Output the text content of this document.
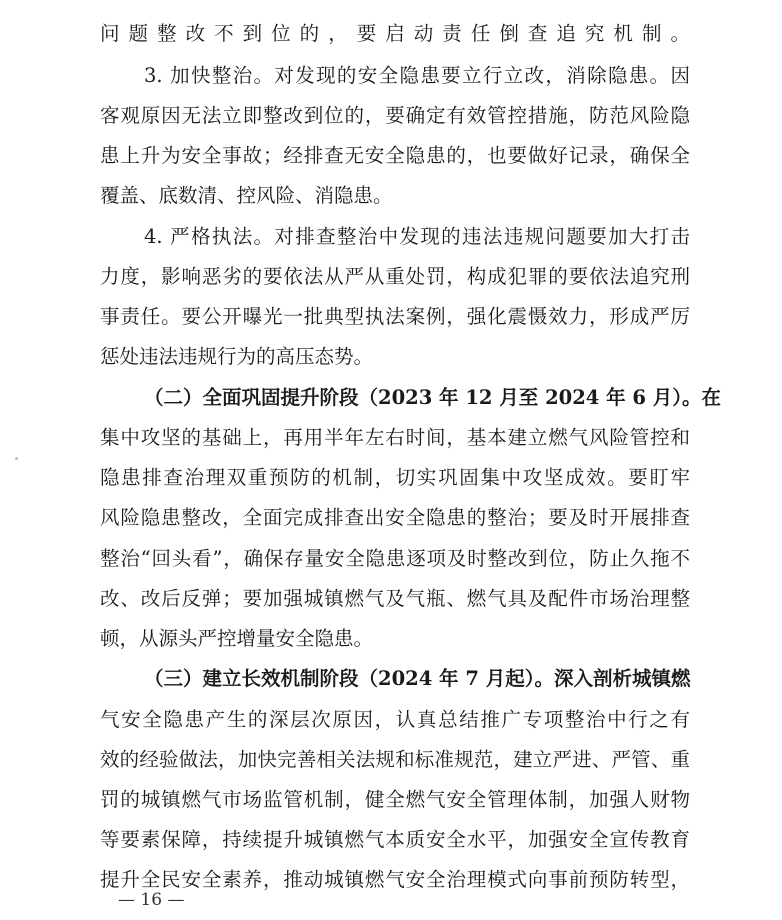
问题整改不到位的，要启动责任倒查追究机制。
3. 加快整治。对发现的安全隐患要立行立改，消除隐患。因
客观原因无法立即整改到位的，要确定有效管控措施，防范风险隐
患上升为安全事故；经排查无安全隐患的，也要做好记录，确保全
覆盖、底数清、控风险、消隐患。
4. 严格执法。对排查整治中发现的违法违规问题要加大打击
力度，影响恶劣的要依法从严从重处罚，构成犯罪的要依法追究刑
事责任。要公开曝光一批典型执法案例，强化震慑效力，形成严厉
惩处违法违规行为的高压态势。
（二）全面巩固提升阶段（2023 年 12 月至 2024 年 6 月）。在
集中攻坚的基础上，再用半年左右时间，基本建立燃气风险管控和
隐患排查治理双重预防的机制，切实巩固集中攻坚成效。要盯牢
风险隐患整改，全面完成排查出安全隐患的整治；要及时开展排查
整治“回头看”，确保存量安全隐患逐项及时整改到位，防止久拖不
改、改后反弹；要加强城镇燃气及气瓶、燃气具及配件市场治理整
顿，从源头严控增量安全隐患。
（三）建立长效机制阶段（2024 年 7 月起）。深入剖析城镇燃
气安全隐患产生的深层次原因，认真总结推广专项整治中行之有
效的经验做法，加快完善相关法规和标准规范，建立严进、严管、重
罚的城镇燃气市场监管机制，健全燃气安全管理体制，加强人财物
等要素保障，持续提升城镇燃气本质安全水平，加强安全宣传教育
提升全民安全素养，推动城镇燃气安全治理模式向事前预防转型，
— 16 —
